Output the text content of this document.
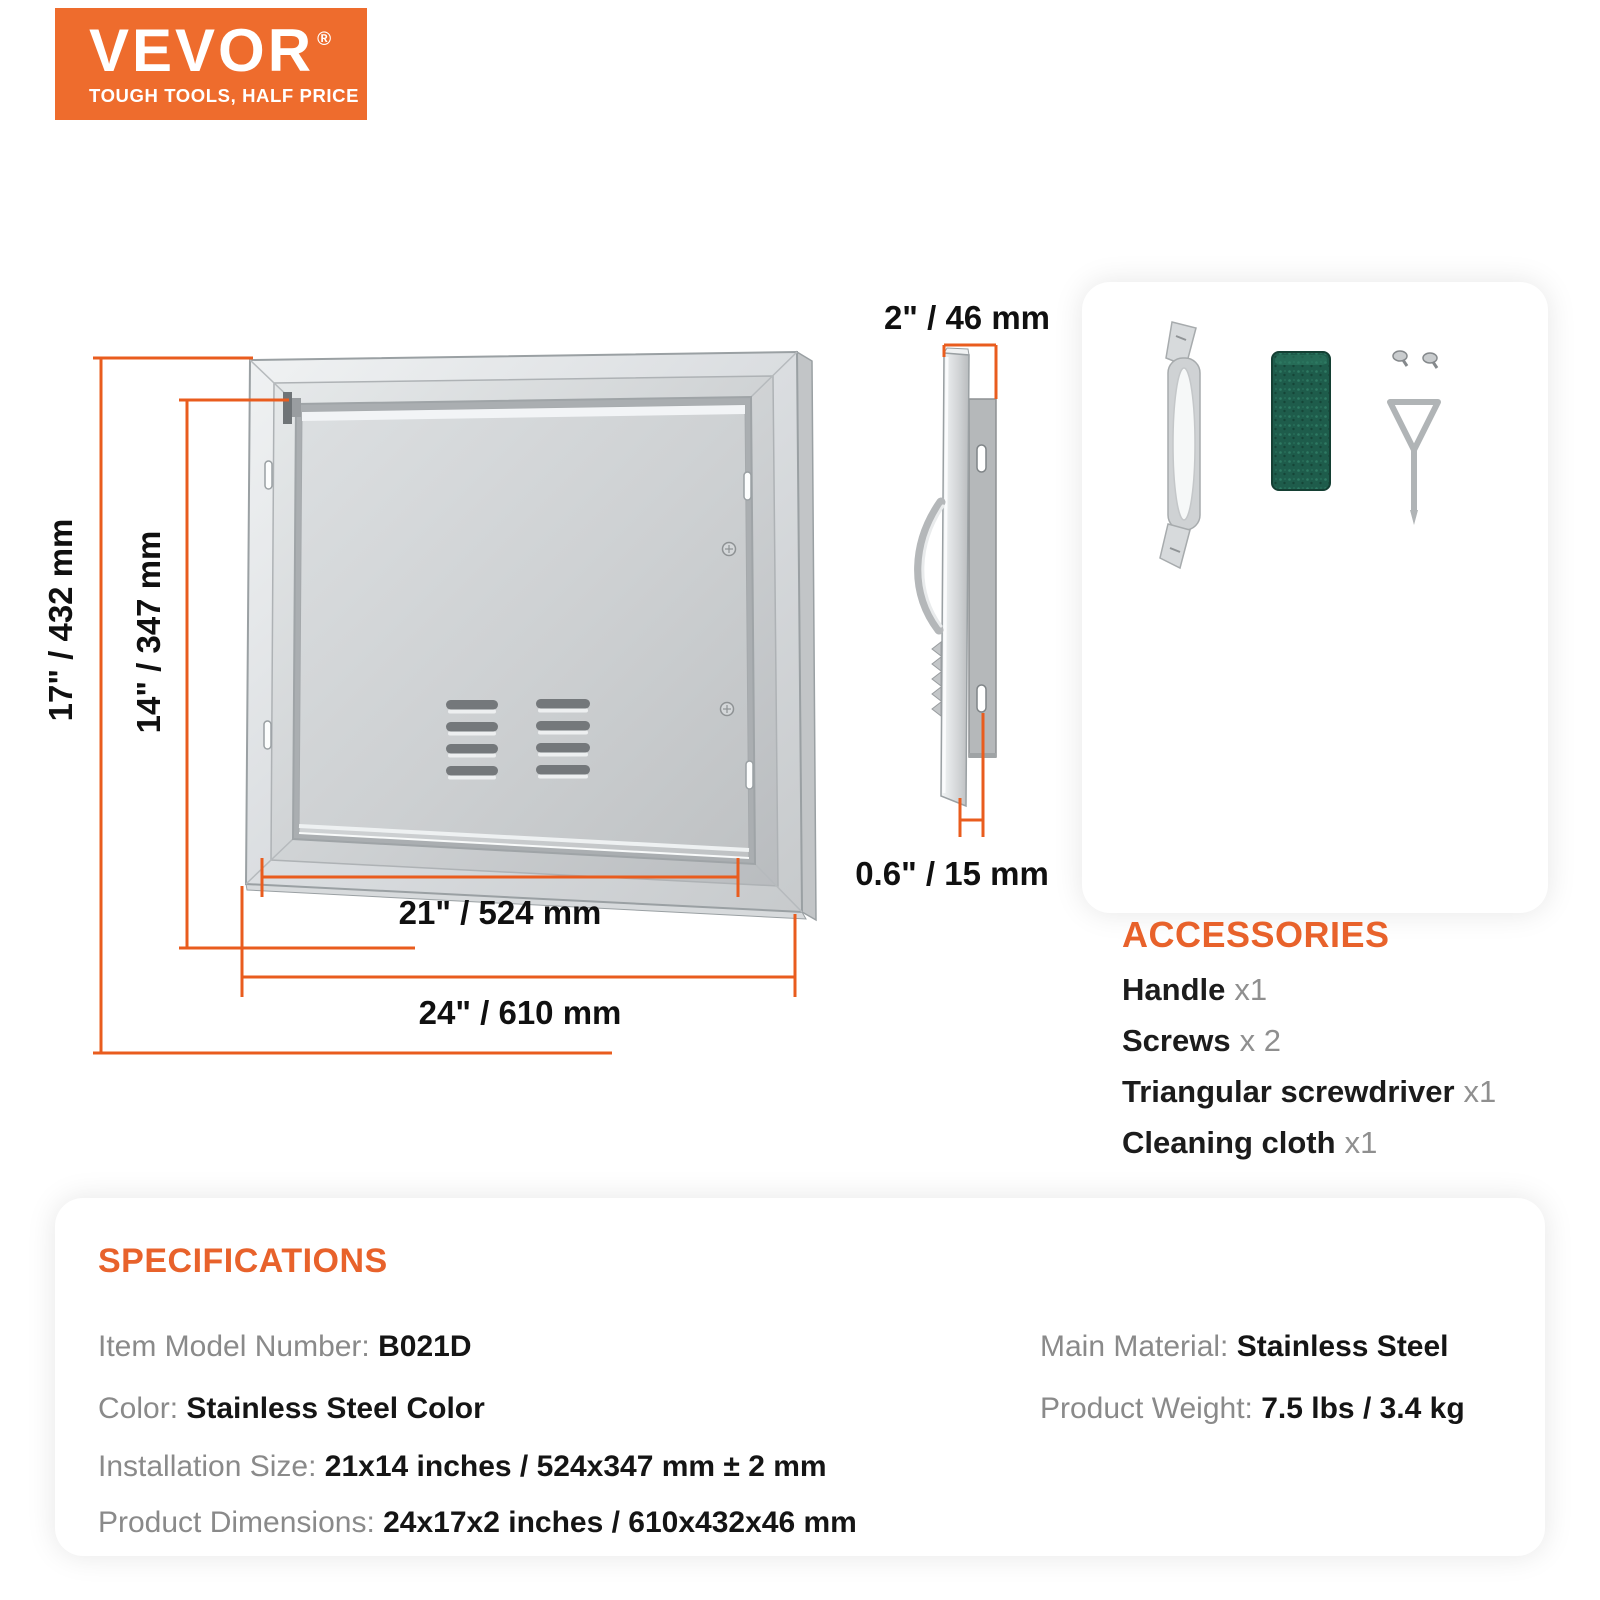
VEVOR ®
TOUGH TOOLS, HALF PRICE
17" / 432 mm 14" / 347 mm
21" / 524 mm
24" / 610 mm
2" / 46 mm
0.6" / 15 mm
ACCESSORIES
Handle x1
Screws x 2
Triangular screwdriver x1
Cleaning cloth x1
SPECIFICATIONS
Item Model Number: B021D
Color: Stainless Steel Color
Installation Size: 21x14 inches / 524x347 mm ± 2 mm
Product Dimensions: 24x17x2 inches / 610x432x46 mm
Main Material: Stainless Steel
Product Weight: 7.5 lbs / 3.4 kg
